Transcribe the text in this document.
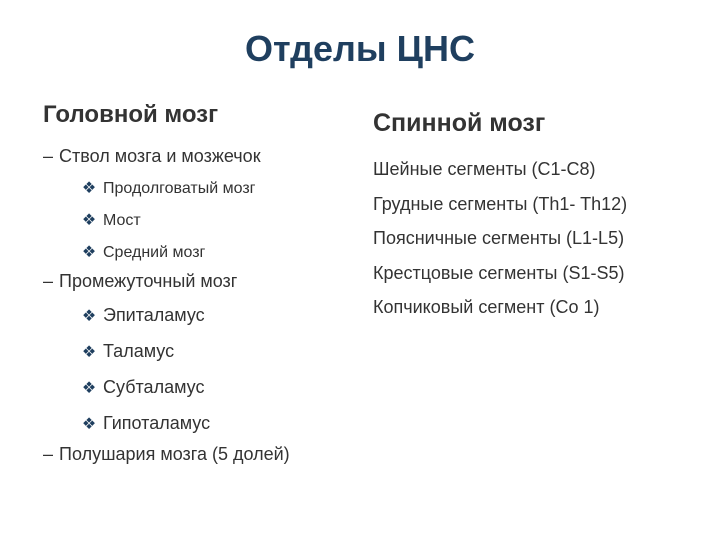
Отделы ЦНС
Головной мозг
– Ствол мозга и мозжечок
❖ Продолговатый мозг
❖ Мост
❖ Средний мозг
– Промежуточный мозг
❖ Эпиталамус
❖ Таламус
❖ Субталамус
❖ Гипоталамус
– Полушария мозга (5 долей)
Спинной мозг
Шейные сегменты (C1-C8)
Грудные сегменты (Th1- Th12)
Поясничные сегменты (L1-L5)
Крестцовые сегменты (S1-S5)
Копчиковый сегмент (Co 1)
